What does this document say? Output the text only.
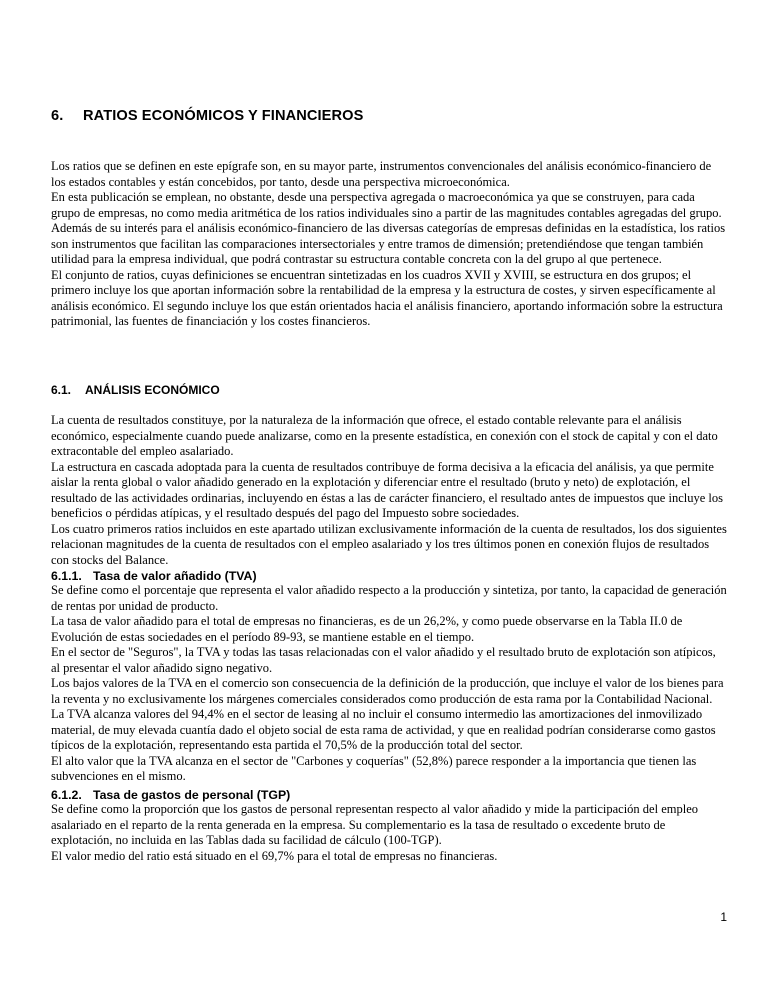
6. RATIOS ECONÓMICOS Y FINANCIEROS

Los ratios que se definen en este epígrafe son, en su mayor parte, instrumentos convencionales del análisis económico-financiero de los estados contables y están concebidos, por tanto, desde una perspectiva microeconómica.

En esta publicación se emplean, no obstante, desde una perspectiva agregada o macroeconómica ya que se construyen, para cada grupo de empresas, no como media aritmética de los ratios individuales sino a partir de las magnitudes contables agregadas del grupo.

Además de su interés para el análisis económico-financiero de las diversas categorías de empresas definidas en la estadística, los ratios son instrumentos que facilitan las comparaciones intersectoriales y entre tramos de dimensión; pretendiéndose que tengan también utilidad para la empresa individual, que podrá contrastar su estructura contable concreta con la del grupo al que pertenece.

El conjunto de ratios, cuyas definiciones se encuentran sintetizadas en los cuadros XVII y XVIII, se estructura en dos grupos; el primero incluye los que aportan información sobre la rentabilidad de la empresa y la estructura de costes, y sirven específicamente al análisis económico. El segundo incluye los que están orientados hacia el análisis financiero, aportando información sobre la estructura patrimonial, las fuentes de financiación y los costes financieros.

6.1. ANÁLISIS ECONÓMICO

La cuenta de resultados constituye, por la naturaleza de la información que ofrece, el estado contable relevante para el análisis económico, especialmente cuando puede analizarse, como en la presente estadística, en conexión con el stock de capital y con el dato extracontable del empleo asalariado.

La estructura en cascada adoptada para la cuenta de resultados contribuye de forma decisiva a la eficacia del análisis, ya que permite aislar la renta global o valor añadido generado en la explotación y diferenciar entre el resultado (bruto y neto) de explotación, el resultado de las actividades ordinarias, incluyendo en éstas a las de carácter financiero, el resultado antes de impuestos que incluye los beneficios o pérdidas atípicas, y el resultado después del pago del Impuesto sobre sociedades.

Los cuatro primeros ratios incluidos en este apartado utilizan exclusivamente información de la cuenta de resultados, los dos siguientes relacionan magnitudes de la cuenta de resultados con el empleo asalariado y los tres últimos ponen en conexión flujos de resultados con stocks del Balance.

6.1.1. Tasa de valor añadido (TVA)

Se define como el porcentaje que representa el valor añadido respecto a la producción y sintetiza, por tanto, la capacidad de generación de rentas por unidad de producto.

La tasa de valor añadido para el total de empresas no financieras, es de un 26,2%, y como puede observarse en la Tabla II.0 de Evolución de estas sociedades en el período 89-93, se mantiene estable en el tiempo.

En el sector de "Seguros", la TVA y todas las tasas relacionadas con el valor añadido y el resultado bruto de explotación son atípicos, al presentar el valor añadido signo negativo.

Los bajos valores de la TVA en el comercio son consecuencia de la definición de la producción, que incluye el valor de los bienes para la reventa y no exclusivamente los márgenes comerciales considerados como producción de esta rama por la Contabilidad Nacional.

La TVA alcanza valores del 94,4% en el sector de leasing al no incluir el consumo intermedio las amortizaciones del inmovilizado material, de muy elevada cuantía dado el objeto social de esta rama de actividad, y que en realidad podrían considerarse como gastos típicos de la explotación, representando esta partida el 70,5% de la producción total del sector.

El alto valor que la TVA alcanza en el sector de "Carbones y coquerías" (52,8%) parece responder a la importancia que tienen las subvenciones en el mismo.

6.1.2. Tasa de gastos de personal (TGP)

Se define como la proporción que los gastos de personal representan respecto al valor añadido y mide la participación del empleo asalariado en el reparto de la renta generada en la empresa. Su complementario es la tasa de resultado o excedente bruto de explotación, no incluida en las Tablas dada su facilidad de cálculo (100-TGP).

El valor medio del ratio está situado en el 69,7% para el total de empresas no financieras.

1
